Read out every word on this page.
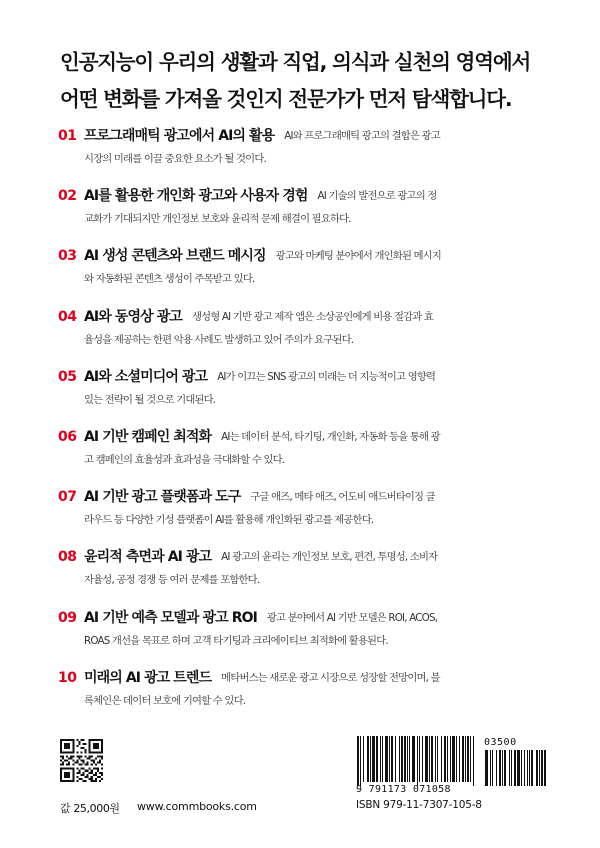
인공지능이 우리의 생활과 직업, 의식과 실천의 영역에서
어떤 변화를 가져올 것인지 전문가가 먼저 탐색합니다.
01 프로그래매틱 광고에서 AI의 활용 $^{AI와 프로그래매틱 광고의 결합은 광고}$
시장의 미래를 이끌 중요한 요소가 될 것이다.
02 AI를 활용한 개인화 광고와 사용자 경험 $^{AI 기술의 발전으로 광고의 정}$
교화가 기대되지만 개인정보 보호와 윤리적 문제 해결이 필요하다.
03 AI 생성 콘텐츠와 브랜드 메시징 $^{광고와 마케팅 분야에서 개인화된 메시지}$
와 자동화된 콘텐츠 생성이 주목받고 있다.
04 AI와 동영상 광고 $^{생성형 AI 기반 광고 제작 앱은 소상공인에게 비용 절감과 효}$
율성을 제공하는 한편 악용 사례도 발생하고 있어 주의가 요구된다.
05 AI와 소셜미디어 광고 $^{AI가 이끄는 SNS 광고의 미래는 더 지능적이고 영향력}$
있는 전략이 될 것으로 기대된다.
06 AI 기반 캠페인 최적화 $^{AI는 데이터 분석, 타기팅, 개인화, 자동화 등을 통해 광}$
고 캠페인의 효율성과 효과성을 극대화할 수 있다.
07 AI 기반 광고 플랫폼과 도구 $^{구글 애즈, 메타 애즈, 어도비 애드버타이징 클}$
라우드 등 다양한 기성 플랫폼이 AI를 활용해 개인화된 광고를 제공한다.
08 윤리적 측면과 AI 광고 $^{AI 광고의 윤리는 개인정보 보호, 편견, 투명성, 소비자}$
자율성, 공정 경쟁 등 여러 문제를 포함한다.
09 AI 기반 예측 모델과 광고 ROI $^{광고 분야에서 AI 기반 모델은 ROI, ACOS,}$
ROAS 개선을 목표로 하며 고객 타기팅과 크리에이티브 최적화에 활용된다.
10 미래의 AI 광고 트렌드 $^{메타버스는 새로운 광고 시장으로 성장할 전망이며, 블}$
록체인은 데이터 보호에 기여할 수 있다.
값 25,000원 www.commbooks.com
03500
9 791173 071058
ISBN 979-11-7307-105-8
